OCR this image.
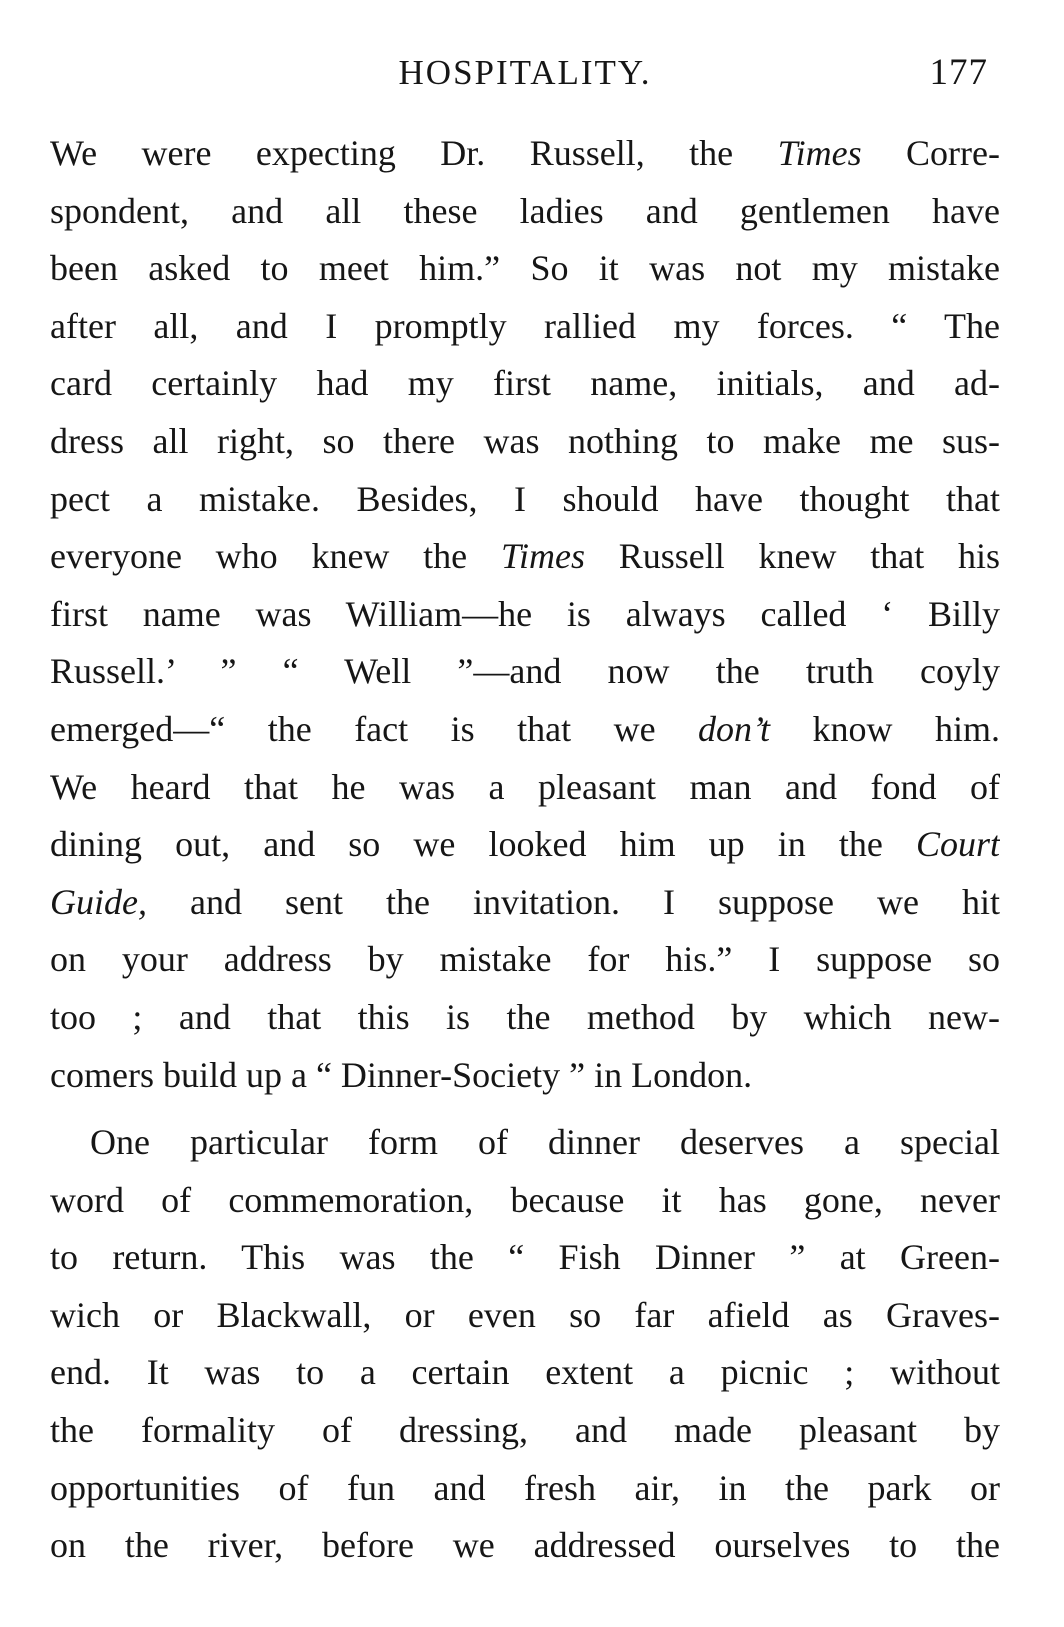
HOSPITALITY.	177
We were expecting Dr. Russell, the Times Corre-
spondent, and all these ladies and gentlemen have
been asked to meet him.” So it was not my mistake
after all, and I promptly rallied my forces. “ The
card certainly had my first name, initials, and ad-
dress all right, so there was nothing to make me sus-
pect a mistake. Besides, I should have thought that
everyone who knew the Times Russell knew that his
first name was William—he is always called ‘ Billy
Russell.’ ” “ Well ”—and now the truth coyly
emerged—“ the fact is that we don’t know him.
We heard that he was a pleasant man and fond of
dining out, and so we looked him up in the Court
Guide, and sent the invitation. I suppose we hit
on your address by mistake for his.” I suppose so
too ; and that this is the method by which new-
comers build up a “ Dinner-Society ” in London.
One particular form of dinner deserves a special
word of commemoration, because it has gone, never
to return. This was the “ Fish Dinner ” at Green-
wich or Blackwall, or even so far afield as Graves-
end. It was to a certain extent a picnic ; without
the formality of dressing, and made pleasant by
opportunities of fun and fresh air, in the park or
on the river, before we addressed ourselves to the
